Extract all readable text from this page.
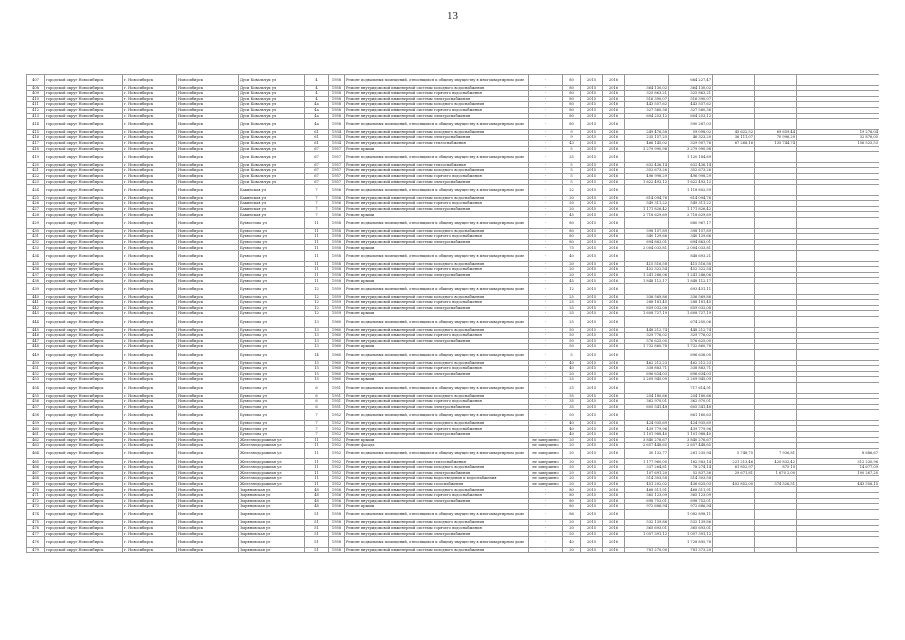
13
407	городской округ Новосибирск	г. Новосибирск	Новосибирск	Дуси Ковальчук ул	4	1958	Ремонт подвальных помещений, относящихся к общему имуществу в многоквартирном доме	-	80	2015	2016		664 227,47			
408	городской округ Новосибирск	г. Новосибирск	Новосибирск	Дуси Ковальчук ул	4	1958	Ремонт внутридомовой инженерной системы холодного водоснабжения	-	80	2015	2016	364 130,02	364 130,02			
409	городской округ Новосибирск	г. Новосибирск	Новосибирск	Дуси Ковальчук ул	4	1958	Ремонт внутридомовой инженерной системы горячего водоснабжения	-	80	2015	2016	325 863,21	325 863,21			
410	городской округ Новосибирск	г. Новосибирск	Новосибирск	Дуси Ковальчук ул	4	1958	Ремонт внутридомовой инженерной системы электроснабжения	-	80	2015	2016	516 390,07	516 390,07			
411	городской округ Новосибирск	г. Новосибирск	Новосибирск	Дуси Ковальчук ул	4а	1958	Ремонт внутридомовой инженерной системы холодного водоснабжения	-	80	2015	2016	443 557,62	443 557,62			
412	городской округ Новосибирск	г. Новосибирск	Новосибирск	Дуси Ковальчук ул	4а	1958	Ремонт внутридомовой инженерной системы горячего водоснабжения	-	80	2015	2016	327 560,36	327 560,36			
413	городской округ Новосибирск	г. Новосибирск	Новосибирск	Дуси Ковальчук ул	4а	1958	Ремонт внутридомовой инженерной системы электроснабжения	-	80	2015	2016	604 253,12	604 253,12			
414	городской округ Новосибирск	г. Новосибирск	Новосибирск	Дуси Ковальчук ул	4а	1958	Ремонт подвальных помещений, относящихся к общему имуществу в многоквартирном доме	-	80	2015	2016		590 287,03			
415	городской округ Новосибирск	г. Новосибирск	Новосибирск	Дуси Ковальчук ул	61	1934	Ремонт внутридомовой инженерной системы холодного водоснабжения	-	9	2015	2016	249 476,58	59 098,02	45 622,52	69 659,44	19 276,04
416	городской округ Новосибирск	г. Новосибирск	Новосибирск	Дуси Ковальчук ул	61	1934	Ремонт внутридомовой инженерной системы электроснабжения	-	9	2015	2016	235 157,25	46 323,20	36 111,07	70 996,29	32 876,05
417	городской округ Новосибирск	г. Новосибирск	Новосибирск	Дуси Ковальчук ул	61	1934	Ремонт внутридомовой инженерной системы теплоснабжения	-	43	2015	2016	466 145,02	329 907,76	67 268,16	135 744,74	156 525,53
418	городской округ Новосибирск	г. Новосибирск	Новосибирск	Дуси Ковальчук ул	67	1957	Ремонт крыши	-	5	2015	2016	3 279 990,98	3 279 990,98			
419	городской округ Новосибирск	г. Новосибирск	Новосибирск	Дуси Ковальчук ул	67	1957	Ремонт подвальных помещений, относящихся к общему имуществу в многоквартирном доме	-	25	2015	2016		1 120 184,89			
420	городской округ Новосибирск	г. Новосибирск	Новосибирск	Дуси Ковальчук ул	67	1957	Ремонт внутридомовой инженерной системы теплоснабжения	-	5	2015	2016	632 436,14	632 436,14			
421	городской округ Новосибирск	г. Новосибирск	Новосибирск	Дуси Ковальчук ул	67	1957	Ремонт внутридомовой инженерной системы холодного водоснабжения	-	5	2015	2016	352 673,26	352 673,26			
422	городской округ Новосибирск	г. Новосибирск	Новосибирск	Дуси Ковальчук ул	67	1957	Ремонт внутридомовой инженерной системы горячего водоснабжения	-	5	2015	2016	496 998,29	496 998,29			
423	городской округ Новосибирск	г. Новосибирск	Новосибирск	Дуси Ковальчук ул	67	1957	Ремонт внутридомовой инженерной системы электроснабжения	-	5	2015	2016	1 622 493,12	1 622 493,12			
424	городской округ Новосибирск	г. Новосибирск	Новосибирск	Бакинская ул	7	1956	Ремонт подвальных помещений, относящихся к общему имуществу в многоквартирном доме	-	22	2015	2016		1 118 802,59			
425	городской округ Новосибирск	г. Новосибирск	Новосибирск	Бакинская ул	7	1956	Ремонт внутридомовой инженерной системы холодного водоснабжения	-	20	2015	2016	614 094,76	614 094,76			
426	городской округ Новосибирск	г. Новосибирск	Новосибирск	Бакинская ул	7	1956	Ремонт внутридомовой инженерной системы горячего водоснабжения	-	20	2015	2016	549 311,22	549 311,22			
427	городской округ Новосибирск	г. Новосибирск	Новосибирск	Бакинская ул	7	1956	Ремонт внутридомовой инженерной системы электроснабжения	-	20	2015	2016	1 171 826,42	1 171 826,42			
428	городской округ Новосибирск	г. Новосибирск	Новосибирск	Бакинская ул	7	1956	Ремонт крыши	-	45	2015	2016	2 718 629,69	2 718 629,69			
429	городской округ Новосибирск	г. Новосибирск	Новосибирск	Бухвостова ул	11	1958	Ремонт подвальных помещений, относящихся к общему имуществу в многоквартирном доме	-	80	2015	2016		680 967,17			
430	городской округ Новосибирск	г. Новосибирск	Новосибирск	Бухвостова ул	11	1958	Ремонт внутридомовой инженерной системы холодного водоснабжения	-	80	2015	2016	398 157,89	398 157,89			
431	городской округ Новосибирск	г. Новосибирск	Новосибирск	Бухвостова ул	11	1958	Ремонт внутридомовой инженерной системы горячего водоснабжения	-	80	2015	2016	340 129,66	340 129,66			
432	городской округ Новосибирск	г. Новосибирск	Новосибирск	Бухвостова ул	11	1958	Ремонт внутридомовой инженерной системы электроснабжения	-	80	2015	2016	694 863,01	694 863,01			
433	городской округ Новосибирск	г. Новосибирск	Новосибирск	Бухвостова ул	11	1958	Ремонт крыши	-	75	2015	2016	2 004 033,81	2 004 033,81			
434	городской округ Новосибирск	г. Новосибирск	Новосибирск	Бухвостова ул	11	1958	Ремонт подвальных помещений, относящихся к общему имуществу в многоквартирном доме	-	40	2015	2016		848 693,21			
435	городской округ Новосибирск	г. Новосибирск	Новосибирск	Бухвостова ул	11	1958	Ремонт внутридомовой инженерной системы холодного водоснабжения	-	20	2015	2016	415 516,58	415 516,58			
436	городской округ Новосибирск	г. Новосибирск	Новосибирск	Бухвостова ул	11	1958	Ремонт внутридомовой инженерной системы горячего водоснабжения	-	20	2015	2016	452 322,54	452 322,54			
437	городской округ Новосибирск	г. Новосибирск	Новосибирск	Бухвостова ул	11	1958	Ремонт внутридомовой инженерной системы электроснабжения	-	20	2015	2016	1 241 286,06	1 241 286,06			
438	городской округ Новосибирск	г. Новосибирск	Новосибирск	Бухвостова ул	11	1958	Ремонт крыши	-	45	2015	2016	1 848 112,17	1 848 112,17			
439	городской округ Новосибирск	г. Новосибирск	Новосибирск	Бухвостова ул	12	1959	Ремонт подвальных помещений, относящихся к общему имуществу в многоквартирном доме	-	12	2015	2016		693 431,11			
440	городской округ Новосибирск	г. Новосибирск	Новосибирск	Бухвостова ул	12	1959	Ремонт внутридомовой инженерной системы холодного водоснабжения	-	25	2015	2016	336 569,86	336 569,86			
441	городской округ Новосибирск	г. Новосибирск	Новосибирск	Бухвостова ул	12	1959	Ремонт внутридомовой инженерной системы горячего водоснабжения	-	25	2015	2016	288 181,45	288 181,45			
442	городской округ Новосибирск	г. Новосибирск	Новосибирск	Бухвостова ул	12	1959	Ремонт внутридомовой инженерной системы электроснабжения	-	25	2015	2016	659 032,08	659 032,08			
443	городской округ Новосибирск	г. Новосибирск	Новосибирск	Бухвостова ул	12	1959	Ремонт крыши	-	25	2015	2016	1 608 727,19	1 608 727,19			
444	городской округ Новосибирск	г. Новосибирск	Новосибирск	Бухвостова ул	13	1960	Ремонт подвальных помещений, относящихся к общему имуществу в многоквартирном доме	-	25	2015	2016		674 250,06			
445	городской округ Новосибирск	г. Новосибирск	Новосибирск	Бухвостова ул	13	1960	Ремонт внутридомовой инженерной системы холодного водоснабжения	-	50	2015	2016	448 212,74	448 212,74			
446	городской округ Новосибирск	г. Новосибирск	Новосибирск	Бухвостова ул	13	1960	Ремонт внутридомовой инженерной системы горячего водоснабжения	-	50	2015	2016	329 776,02	329 776,02			
447	городской округ Новосибирск	г. Новосибирск	Новосибирск	Бухвостова ул	13	1960	Ремонт внутридомовой инженерной системы электроснабжения	-	50	2015	2016	576 625,00	576 625,00			
448	городской округ Новосибирск	г. Новосибирск	Новосибирск	Бухвостова ул	13	1960	Ремонт крыши	-	50	2015	2016	1 732 860,78	1 732 860,78			
449	городской округ Новосибирск	г. Новосибирск	Новосибирск	Бухвостова ул	14	1960	Ремонт подвальных помещений, относящихся к общему имуществу в многоквартирном доме	-	5	2015	2016		696 636,00			
450	городской округ Новосибирск	г. Новосибирск	Новосибирск	Бухвостова ул	15	1960	Ремонт внутридомовой инженерной системы холодного водоснабжения	-	40	2015	2016	462 212,23	462 212,23			
451	городской округ Новосибирск	г. Новосибирск	Новосибирск	Бухвостова ул	15	1960	Ремонт внутридомовой инженерной системы горячего водоснабжения	-	40	2015	2016	338 883,71	338 883,71			
452	городской округ Новосибирск	г. Новосибирск	Новосибирск	Бухвостова ул	15	1960	Ремонт внутридомовой инженерной системы электроснабжения	-	20	2015	2016	696 634,03	696 634,03			
453	городской округ Новосибирск	г. Новосибирск	Новосибирск	Бухвостова ул	15	1960	Ремонт крыши	-	25	2015	2016	2 209 945,09	2 209 945,09			
454	городской округ Новосибирск	г. Новосибирск	Новосибирск	Бухвостова ул	6	1951	Ремонт подвальных помещений, относящихся к общему имуществу в многоквартирном доме	-	25	2015	2016		717 614,91			
455	городской округ Новосибирск	г. Новосибирск	Новосибирск	Бухвостова ул	6	1951	Ремонт внутридомовой инженерной системы холодного водоснабжения	-	35	2015	2016	254 180,66	254 180,66			
456	городской округ Новосибирск	г. Новосибирск	Новосибирск	Бухвостова ул	6	1951	Ремонт внутридомовой инженерной системы горячего водоснабжения	-	35	2015	2016	362 970,01	362 970,01			
457	городской округ Новосибирск	г. Новосибирск	Новосибирск	Бухвостова ул	6	1951	Ремонт внутридомовой инженерной системы электроснабжения	-	35	2015	2016	605 541,48	605 541,48			
458	городской округ Новосибирск	г. Новосибирск	Новосибирск	Бухвостова ул	7	1952	Ремонт подвальных помещений, относящихся к общему имуществу в многоквартирном доме	-	50	2015	2016		861 160,63			
459	городской округ Новосибирск	г. Новосибирск	Новосибирск	Бухвостова ул	7	1952	Ремонт внутридомовой инженерной системы холодного водоснабжения	-	40	2015	2016	424 935,69	424 935,69			
460	городской округ Новосибирск	г. Новосибирск	Новосибирск	Бухвостова ул	7	1952	Ремонт внутридомовой инженерной системы горячего водоснабжения	-	40	2015	2016	439 779,96	439 779,96			
461	городской округ Новосибирск	г. Новосибирск	Новосибирск	Бухвостова ул	7	1952	Ремонт внутридомовой инженерной системы электроснабжения	-	40	2015	2016	1 101 988,40	1 101 988,40			
462	городской округ Новосибирск	г. Новосибирск	Новосибирск	Железнодорожная ул	11	1952	Ремонт крыши	не завершено	20	2015	2016	3 840 276,67	3 840 276,67			
463	городской округ Новосибирск	г. Новосибирск	Новосибирск	Железнодорожная ул	11	1952	Ремонт фасада	не завершено	20	2015	2016	2 657 448,65	2 657 448,65			
464	городской округ Новосибирск	г. Новосибирск	Новосибирск	Железнодорожная ул	11	1952	Ремонт подвальных помещений, относящихся к общему имуществу в многоквартирном доме	не завершено	20	2015	2016	30 132,77	281 235,94	5 748,75	7 936,81	8 686,67
465	городской округ Новосибирск	г. Новосибирск	Новосибирск	Железнодорожная ул	11	1952	Ремонт внутридомовой инженерной системы теплоснабжения	не завершено	20	2015	2016	1 177 960,00	182 583,14	221 213,46	420 832,42	312 230,96
466	городской округ Новосибирск	г. Новосибирск	Новосибирск	Железнодорожная ул	11	1952	Ремонт внутридомовой инженерной системы холодного водоснабжения	не завершено	20	2015	2016	337 264,61	78 274,14	61 852,97	875 10	14 677,09
467	городской округ Новосибирск	г. Новосибирск	Новосибирск	Железнодорожная ул	11	1952	Ремонт внутридомовой инженерной системы электроснабжения	не завершено	20	2015	2016	107 691,20	52 837,36	29 671,81	1 670 2,00	100 267,20
468	городской округ Новосибирск	г. Новосибирск	Новосибирск	Железнодорожная ул	11	1952	Ремонт внутридомовой инженерной системы водоотведения и водоснабжения	не завершено	20	2015	2016	514 303,58	514 303,58			
469	городской округ Новосибирск	г. Новосибирск	Новосибирск	Железнодорожная ул	11	1952	Ремонт внутридомовой инженерной системы газоснабжения	не завершено	20	2015	2016	451 202,02	436 625,03	402 852,00	374 526,51	443 556,15
470	городской округ Новосибирск	г. Новосибирск	Новосибирск	Зыряновская ул	48	1956	Ремонт внутридомовой инженерной системы холодного водоснабжения	-	80	2015	2016	468 511,91	468 511,91			
471	городской округ Новосибирск	г. Новосибирск	Новосибирск	Зыряновская ул	48	1956	Ремонт внутридомовой инженерной системы горячего водоснабжения	-	80	2015	2016	365 123,09	365 123,09			
472	городской округ Новосибирск	г. Новосибирск	Новосибирск	Зыряновская ул	48	1956	Ремонт внутридомовой инженерной системы электроснабжения	-	80	2015	2016	698 753,01	698 753,01			
473	городской округ Новосибирск	г. Новосибирск	Новосибирск	Зыряновская ул	48	1956	Ремонт крыши	-	80	2015	2016	972 686,94	972 686,94			
474	городской округ Новосибирск	г. Новосибирск	Новосибирск	Зыряновская ул	51	1958	Ремонт подвальных помещений, относящихся к общему имуществу в многоквартирном доме	-	86	2015	2016		1 082 898,11			
475	городской округ Новосибирск	г. Новосибирск	Новосибирск	Зыряновская ул	51	1958	Ремонт внутридомовой инженерной системы холодного водоснабжения	-	20	2015	2016	532 139,86	532 139,86			
476	городской округ Новосибирск	г. Новосибирск	Новосибирск	Зыряновская ул	51	1958	Ремонт внутридомовой инженерной системы горячего водоснабжения	-	20	2015	2016	365 693,01	365 693,01			
477	городской округ Новосибирск	г. Новосибирск	Новосибирск	Зыряновская ул	51	1958	Ремонт внутридомовой инженерной системы электроснабжения	-	20	2015	2016	1 057 391,12	1 057 391,12			
478	городской округ Новосибирск	г. Новосибирск	Новосибирск	Зыряновская ул	51	1958	Ремонт подвальных помещений, относящихся к общему имуществу в многоквартирном доме	-	40	2015	2016		1 728 895,78			
479	городской округ Новосибирск	г. Новосибирск	Новосибирск	Зыряновская ул	51	1958	Ремонт внутридомовой инженерной системы холодного водоснабжения	-	20	2015	2016	781 270,00	781 373,20			
